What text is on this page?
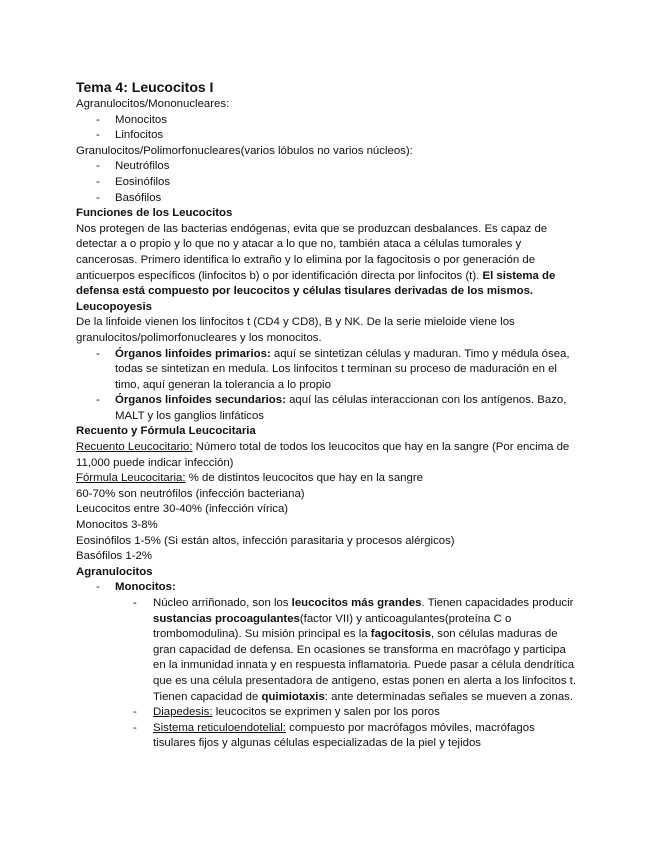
Tema 4: Leucocitos I
Agranulocitos/Mononucleares:
- Monocitos
- Linfocitos
Granulocitos/Polimorfonucleares(varios lóbulos no varios núcleos):
- Neutrófilos
- Eosinófilos
- Basófilos
Funciones de los Leucocitos
Nos protegen de las bacterias endógenas, evita que se produzcan desbalances. Es capaz de detectar a o propio y lo que no y atacar a lo que no, también ataca a células tumorales y cancerosas. Primero identifica lo extraño y lo elimina por la fagocitosis o por generación de anticuerpos específicos (linfocitos b) o por identificación directa por linfocitos (t). El sistema de defensa está compuesto por leucocitos y células tisulares derivadas de los mismos.
Leucopoyesis
De la linfoide vienen los linfocitos t (CD4 y CD8), B y NK. De la serie mieloide viene los granulocitos/polimorfonucleares y los monocitos.
- Órganos linfoides primarios: aquí se sintetizan células y maduran. Timo y médula ósea, todas se sintetizan en medula. Los linfocitos t terminan su proceso de maduración en el timo, aquí generan la tolerancia a lo propio
- Órganos linfoides secundarios: aquí las células interaccionan con los antígenos. Bazo, MALT y los ganglios linfáticos
Recuento y Fórmula Leucocitaria
Recuento Leucocitario: Número total de todos los leucocitos que hay en la sangre (Por encima de 11,000 puede indicar infección)
Fórmula Leucocitaria: % de distintos leucocitos que hay en la sangre
60-70% son neutrófilos (infección bacteriana)
Leucocitos entre 30-40% (infección vírica)
Monocitos 3-8%
Eosinófilos 1-5% (Si están altos, infección parasitaria y procesos alérgicos)
Basófilos 1-2%
Agranulocitos
- Monocitos:
- Núcleo arriñonado, son los leucocitos más grandes. Tienen capacidades producir sustancias procoagulantes(factor VII) y anticoagulantes(proteína C o trombomodulina). Su misión principal es la fagocitosis, son células maduras de gran capacidad de defensa. En ocasiones se transforma en macrófago y participa en la inmunidad innata y en respuesta inflamatoria. Puede pasar a célula dendrítica que es una célula presentadora de antígeno, estas ponen en alerta a los linfocitos t. Tienen capacidad de quimiotaxis: ante determinadas señales se mueven a zonas.
- Diapedesis: leucocitos se exprimen y salen por los poros
- Sistema reticuloendotelial: compuesto por macrófagos móviles, macrófagos tisulares fijos y algunas células especializadas de la piel y tejidos
